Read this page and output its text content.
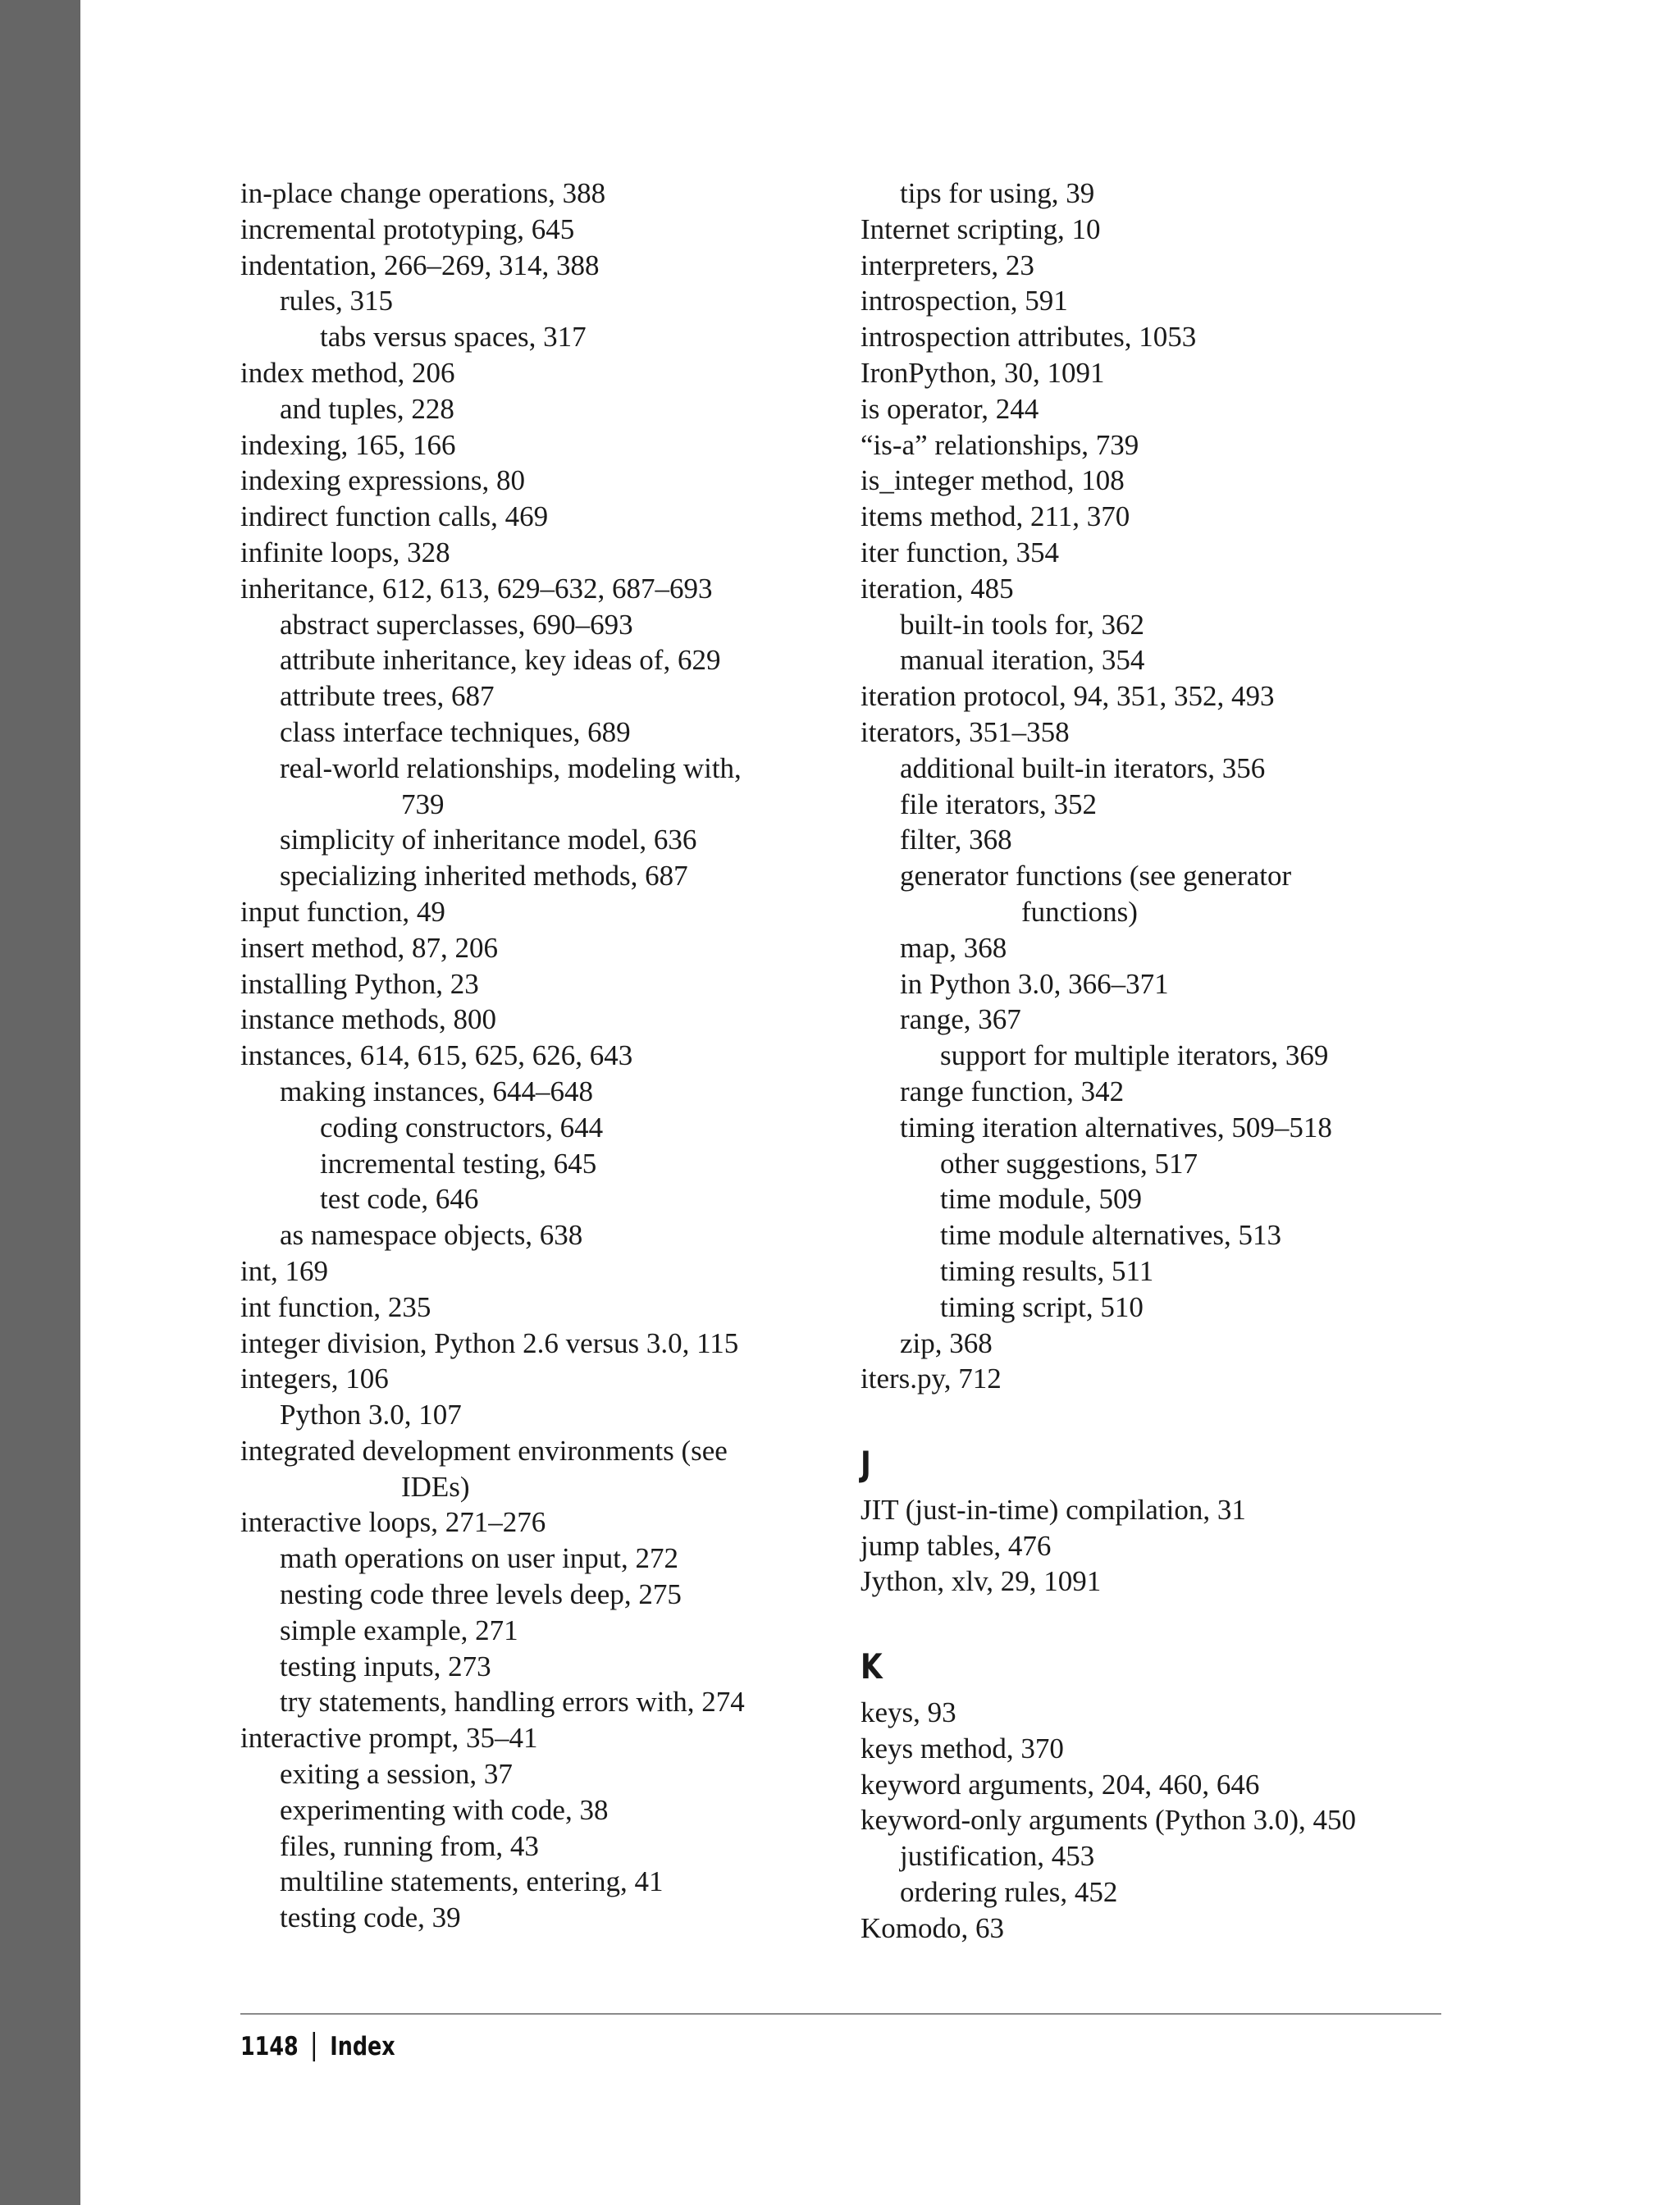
in-place change operations, 388
incremental prototyping, 645
indentation, 266–269, 314, 388
rules, 315
tabs versus spaces, 317
index method, 206
and tuples, 228
indexing, 165, 166
indexing expressions, 80
indirect function calls, 469
infinite loops, 328
inheritance, 612, 613, 629–632, 687–693
abstract superclasses, 690–693
attribute inheritance, key ideas of, 629
attribute trees, 687
class interface techniques, 689
real-world relationships, modeling with,
739
simplicity of inheritance model, 636
specializing inherited methods, 687
input function, 49
insert method, 87, 206
installing Python, 23
instance methods, 800
instances, 614, 615, 625, 626, 643
making instances, 644–648
coding constructors, 644
incremental testing, 645
test code, 646
as namespace objects, 638
int, 169
int function, 235
integer division, Python 2.6 versus 3.0, 115
integers, 106
Python 3.0, 107
integrated development environments (see
IDEs)
interactive loops, 271–276
math operations on user input, 272
nesting code three levels deep, 275
simple example, 271
testing inputs, 273
try statements, handling errors with, 274
interactive prompt, 35–41
exiting a session, 37
experimenting with code, 38
files, running from, 43
multiline statements, entering, 41
testing code, 39
tips for using, 39
Internet scripting, 10
interpreters, 23
introspection, 591
introspection attributes, 1053
IronPython, 30, 1091
is operator, 244
“is-a” relationships, 739
is_integer method, 108
items method, 211, 370
iter function, 354
iteration, 485
built-in tools for, 362
manual iteration, 354
iteration protocol, 94, 351, 352, 493
iterators, 351–358
additional built-in iterators, 356
file iterators, 352
filter, 368
generator functions (see generator
functions)
map, 368
in Python 3.0, 366–371
range, 367
support for multiple iterators, 369
range function, 342
timing iteration alternatives, 509–518
other suggestions, 517
time module, 509
time module alternatives, 513
timing results, 511
timing script, 510
zip, 368
iters.py, 712
J
JIT (just-in-time) compilation, 31
jump tables, 476
Jython, xlv, 29, 1091
K
keys, 93
keys method, 370
keyword arguments, 204, 460, 646
keyword-only arguments (Python 3.0), 450
justification, 453
ordering rules, 452
Komodo, 63
1148 Index
